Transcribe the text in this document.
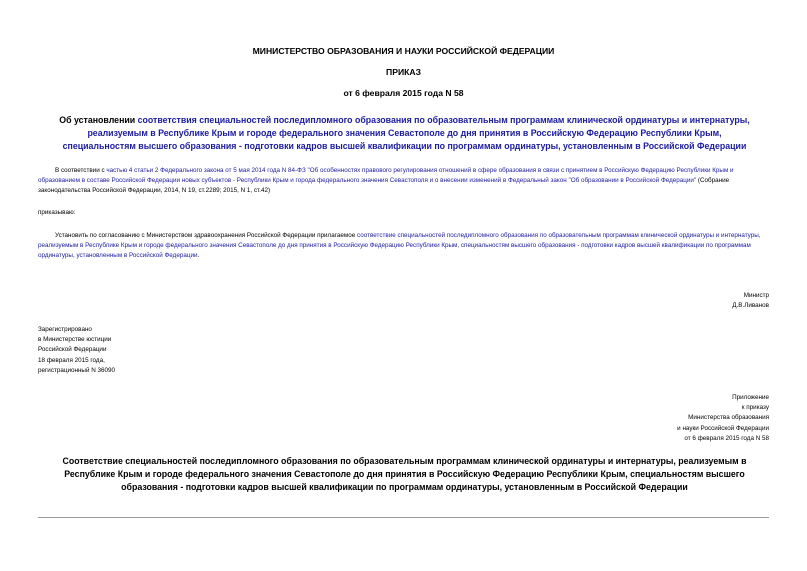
МИНИСТЕРСТВО ОБРАЗОВАНИЯ И НАУКИ РОССИЙСКОЙ ФЕДЕРАЦИИ
ПРИКАЗ
от 6 февраля 2015 года N 58
Об установлении соответствия специальностей последипломного образования по образовательным программам клинической ординатуры и интернатуры, реализуемым в Республике Крым и городе федерального значения Севастополе до дня принятия в Российскую Федерацию Республики Крым, специальностям высшего образования - подготовки кадров высшей квалификации по программам ординатуры, установленным в Российской Федерации
В соответствии с частью 4 статьи 2 Федерального закона от 5 мая 2014 года N 84-ФЗ "Об особенностях правового регулирования отношений в сфере образования в связи с принятием в Российскую Федерацию Республики Крым и образованием в составе Российской Федерации новых субъектов - Республики Крым и города федерального значения Севастополя и о внесении изменений в Федеральный закон "Об образовании в Российской Федерации" (Собрание законодательства Российской Федерации, 2014, N 19, ст.2289; 2015, N 1, ст.42)
приказываю:
Установить по согласованию с Министерством здравоохранения Российской Федерации прилагаемое соответствие специальностей последипломного образования по образовательным программам клинической ординатуры и интернатуры, реализуемым в Республике Крым и городе федерального значения Севастополе до дня принятия в Российскую Федерацию Республики Крым, специальностям высшего образования - подготовки кадров высшей квалификации по программам ординатуры, установленным в Российской Федерации.
Министр
Д.В.Ливанов
Зарегистрировано
в Министерстве юстиции
Российской Федерации
18 февраля 2015 года,
регистрационный N 36090
Приложение
к приказу
Министерства образования
и науки Российской Федерации
от 6 февраля 2015 года N 58
Соответствие специальностей последипломного образования по образовательным программам клинической ординатуры и интернатуры, реализуемым в Республике Крым и городе федерального значения Севастополе до дня принятия в Российскую Федерацию Республики Крым, специальностям высшего образования - подготовки кадров высшей квалификации по программам ординатуры, установленным в Российской Федерации
